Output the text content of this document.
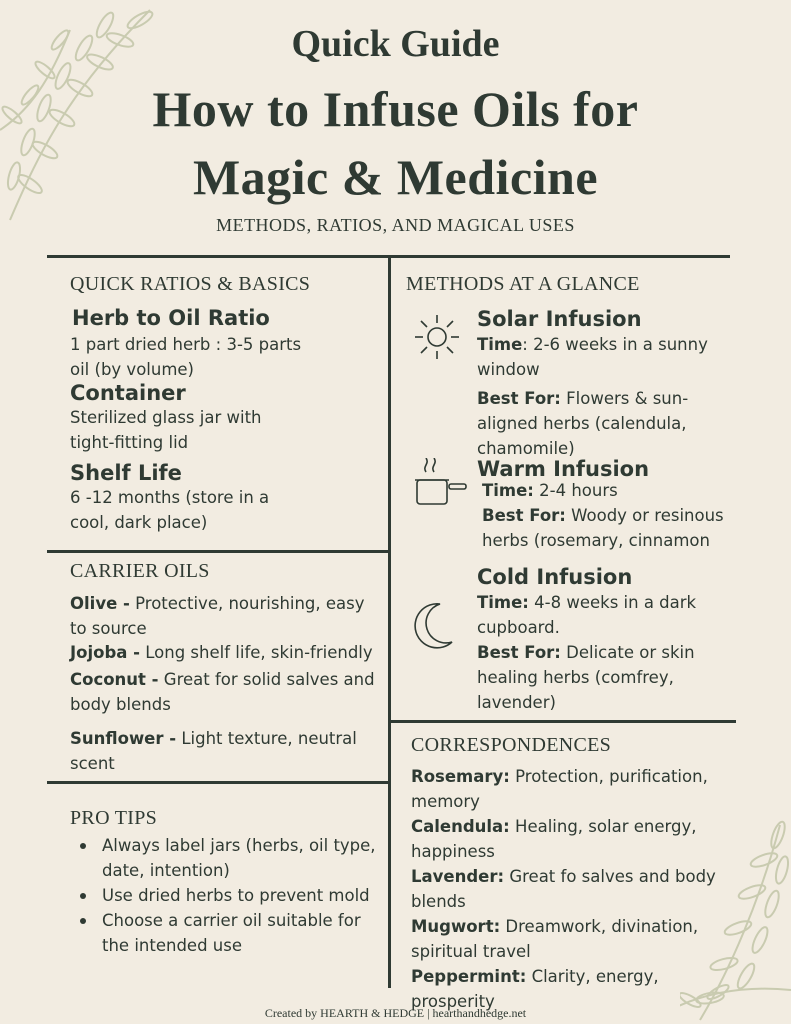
Quick Guide
How to Infuse Oils for
Magic & Medicine
METHODS, RATIOS, AND MAGICAL USES
QUICK RATIOS & BASICS
Herb to Oil Ratio
1 part dried herb : 3-5 parts
oil (by volume)
Container
Sterilized glass jar with
tight-fitting lid
Shelf Life
6 -12 months (store in a
cool, dark place)
CARRIER OILS
Olive - Protective, nourishing, easy
to source
Jojoba - Long shelf life, skin-friendly
Coconut - Great for solid salves and
body blends
Sunflower - Light texture, neutral
scent
PRO TIPS
Always label jars (herbs, oil type,
date, intention)
Use dried herbs to prevent mold
Choose a carrier oil suitable for
the intended use
METHODS AT A GLANCE
Solar Infusion
Time: 2-6 weeks in a sunny
window
Best For: Flowers & sun-
aligned herbs (calendula,
chamomile)
Warm Infusion
Time: 2-4 hours
Best For: Woody or resinous
herbs (rosemary, cinnamon
Cold Infusion
Time: 4-8 weeks in a dark
cupboard.
Best For: Delicate or skin
healing herbs (comfrey,
lavender)
CORRESPONDENCES
Rosemary: Protection, purification,
memory
Calendula: Healing, solar energy,
happiness
Lavender: Great fo salves and body
blends
Mugwort: Dreamwork, divination,
spiritual travel
Peppermint: Clarity, energy, prosperity
Created by HEARTH & HEDGE | hearthandhedge.net
